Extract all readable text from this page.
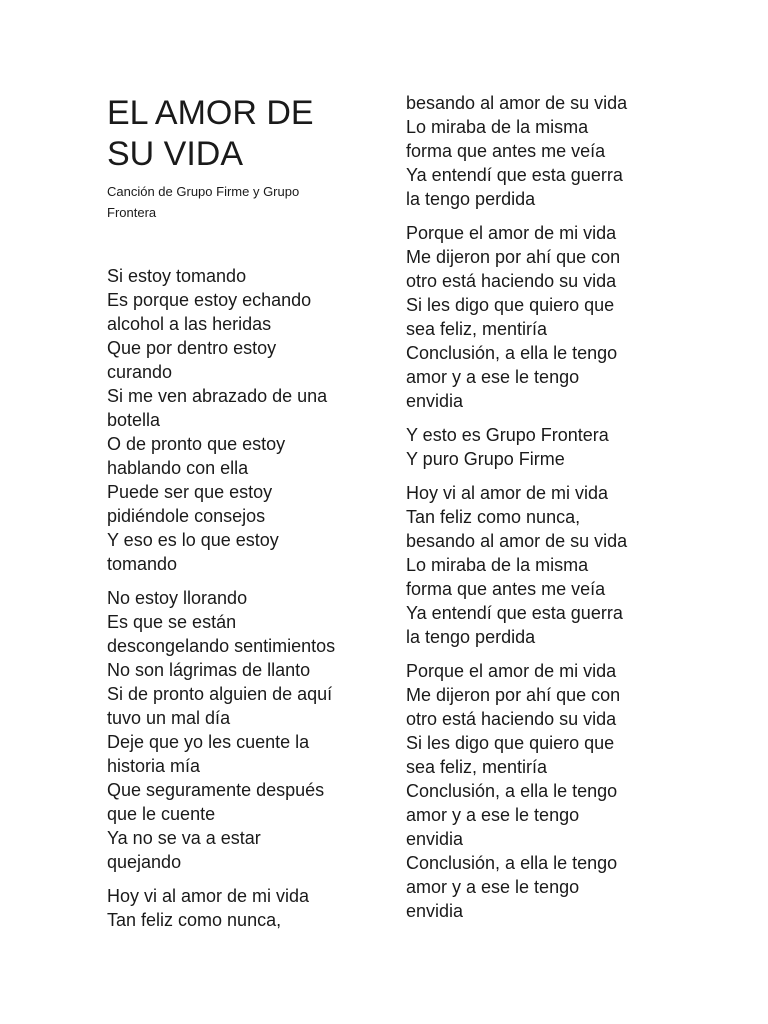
EL AMOR DE
SU VIDA

Canción de Grupo Firme y Grupo Frontera

Si estoy tomando
Es porque estoy echando
alcohol a las heridas
Que por dentro estoy
curando
Si me ven abrazado de una
botella
O de pronto que estoy
hablando con ella
Puede ser que estoy
pidiéndole consejos
Y eso es lo que estoy
tomando
No estoy llorando
Es que se están
descongelando sentimientos
No son lágrimas de llanto
Si de pronto alguien de aquí
tuvo un mal día
Deje que yo les cuente la
historia mía
Que seguramente después
que le cuente
Ya no se va a estar
quejando
Hoy vi al amor de mi vida
Tan feliz como nunca,
besando al amor de su vida
Lo miraba de la misma
forma que antes me veía
Ya entendí que esta guerra
la tengo perdida
Porque el amor de mi vida
Me dijeron por ahí que con
otro está haciendo su vida
Si les digo que quiero que
sea feliz, mentiría
Conclusión, a ella le tengo
amor y a ese le tengo
envidia
Y esto es Grupo Frontera
Y puro Grupo Firme
Hoy vi al amor de mi vida
Tan feliz como nunca,
besando al amor de su vida
Lo miraba de la misma
forma que antes me veía
Ya entendí que esta guerra
la tengo perdida
Porque el amor de mi vida
Me dijeron por ahí que con
otro está haciendo su vida
Si les digo que quiero que
sea feliz, mentiría
Conclusión, a ella le tengo
amor y a ese le tengo
envidia
Conclusión, a ella le tengo
amor y a ese le tengo
envidia
